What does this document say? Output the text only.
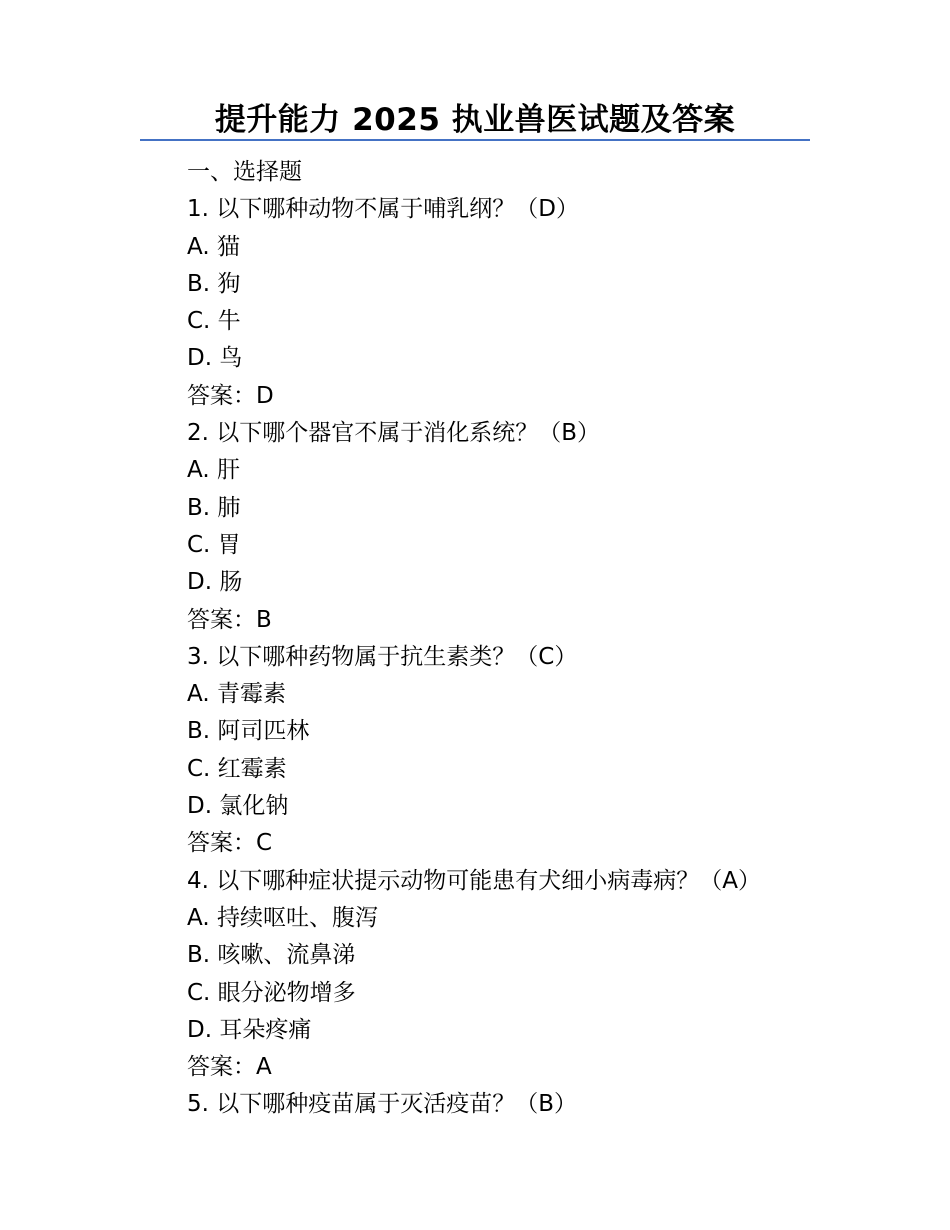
提升能力 2025 执业兽医试题及答案
一、选择题
1. 以下哪种动物不属于哺乳纲？（D）
A. 猫
B. 狗
C. 牛
D. 鸟
答案：D
2. 以下哪个器官不属于消化系统？（B）
A. 肝
B. 肺
C. 胃
D. 肠
答案：B
3. 以下哪种药物属于抗生素类？（C）
A. 青霉素
B. 阿司匹林
C. 红霉素
D. 氯化钠
答案：C
4. 以下哪种症状提示动物可能患有犬细小病毒病？（A）
A. 持续呕吐、腹泻
B. 咳嗽、流鼻涕
C. 眼分泌物增多
D. 耳朵疼痛
答案：A
5. 以下哪种疫苗属于灭活疫苗？（B）
